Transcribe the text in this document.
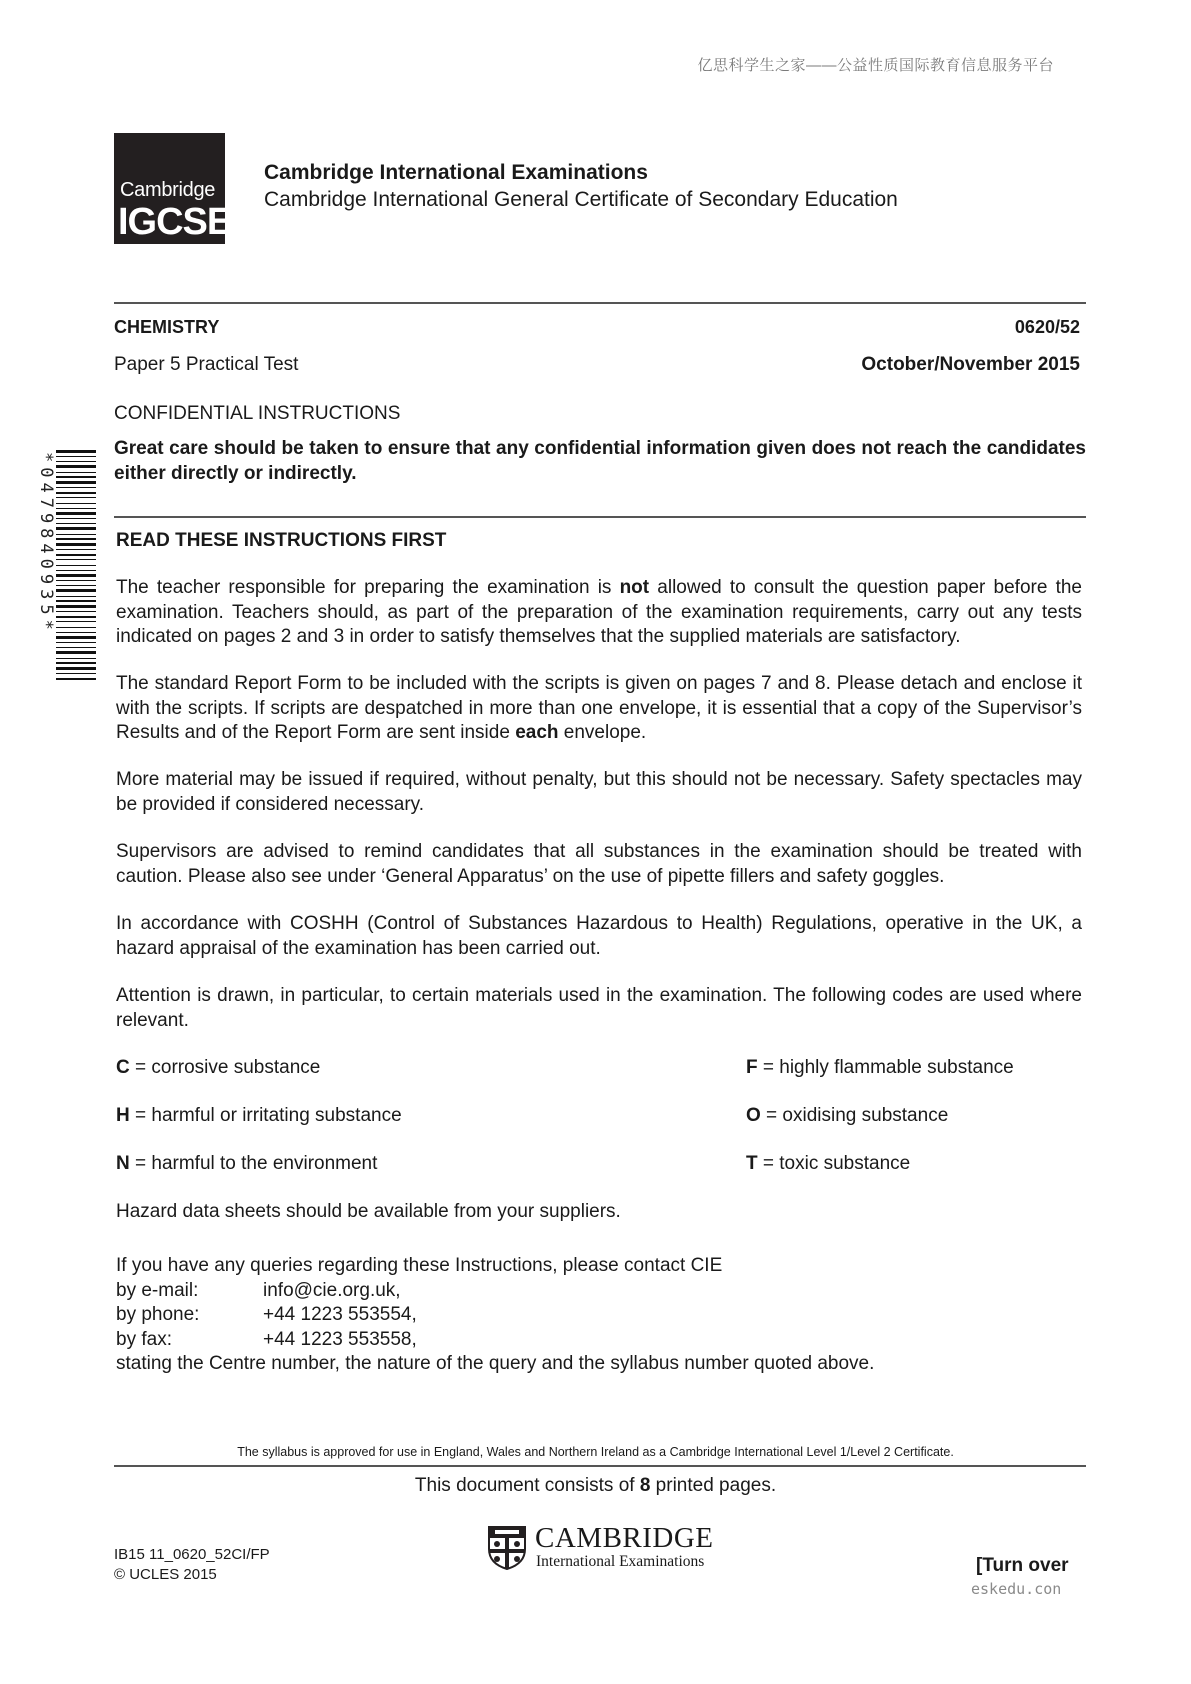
亿思科学生之家——公益性质国际教育信息服务平台
Cambridge
IGCSE
Cambridge International Examinations
Cambridge International General Certificate of Secondary Education
CHEMISTRY	0620/52
Paper 5 Practical Test	October/November 2015
CONFIDENTIAL INSTRUCTIONS
Great care should be taken to ensure that any confidential information given does not reach the candidates either directly or indirectly.
*0479840935*	READ THESE INSTRUCTIONS FIRST

The teacher responsible for preparing the examination is not allowed to consult the question paper before the examination. Teachers should, as part of the preparation of the examination requirements, carry out any tests indicated on pages 2 and 3 in order to satisfy themselves that the supplied materials are satisfactory.

The standard Report Form to be included with the scripts is given on pages 7 and 8. Please detach and enclose it with the scripts. If scripts are despatched in more than one envelope, it is essential that a copy of the Supervisor’s Results and of the Report Form are sent inside each envelope.

More material may be issued if required, without penalty, but this should not be necessary. Safety spectacles may be provided if considered necessary.

Supervisors are advised to remind candidates that all substances in the examination should be treated with caution. Please also see under ‘General Apparatus’ on the use of pipette fillers and safety goggles.

In accordance with COSHH (Control of Substances Hazardous to Health) Regulations, operative in the UK, a hazard appraisal of the examination has been carried out.

Attention is drawn, in particular, to certain materials used in the examination. The following codes are used where relevant.

C = corrosive substance	F = highly flammable substance
H = harmful or irritating substance	O = oxidising substance
N = harmful to the environment	T = toxic substance
Hazard data sheets should be available from your suppliers.
If you have any queries regarding these Instructions, please contact CIE
by e-mail:	info@cie.org.uk,
by phone:	+44 1223 553554,
by fax:	+44 1223 553558,
stating the Centre number, the nature of the query and the syllabus number quoted above.
The syllabus is approved for use in England, Wales and Northern Ireland as a Cambridge International Level 1/Level 2 Certificate.
This document consists of 8 printed pages.
IB15 11_0620_52CI/FP
© UCLES 2015
CAMBRIDGE
International Examinations	[Turn over
eskedu.con
